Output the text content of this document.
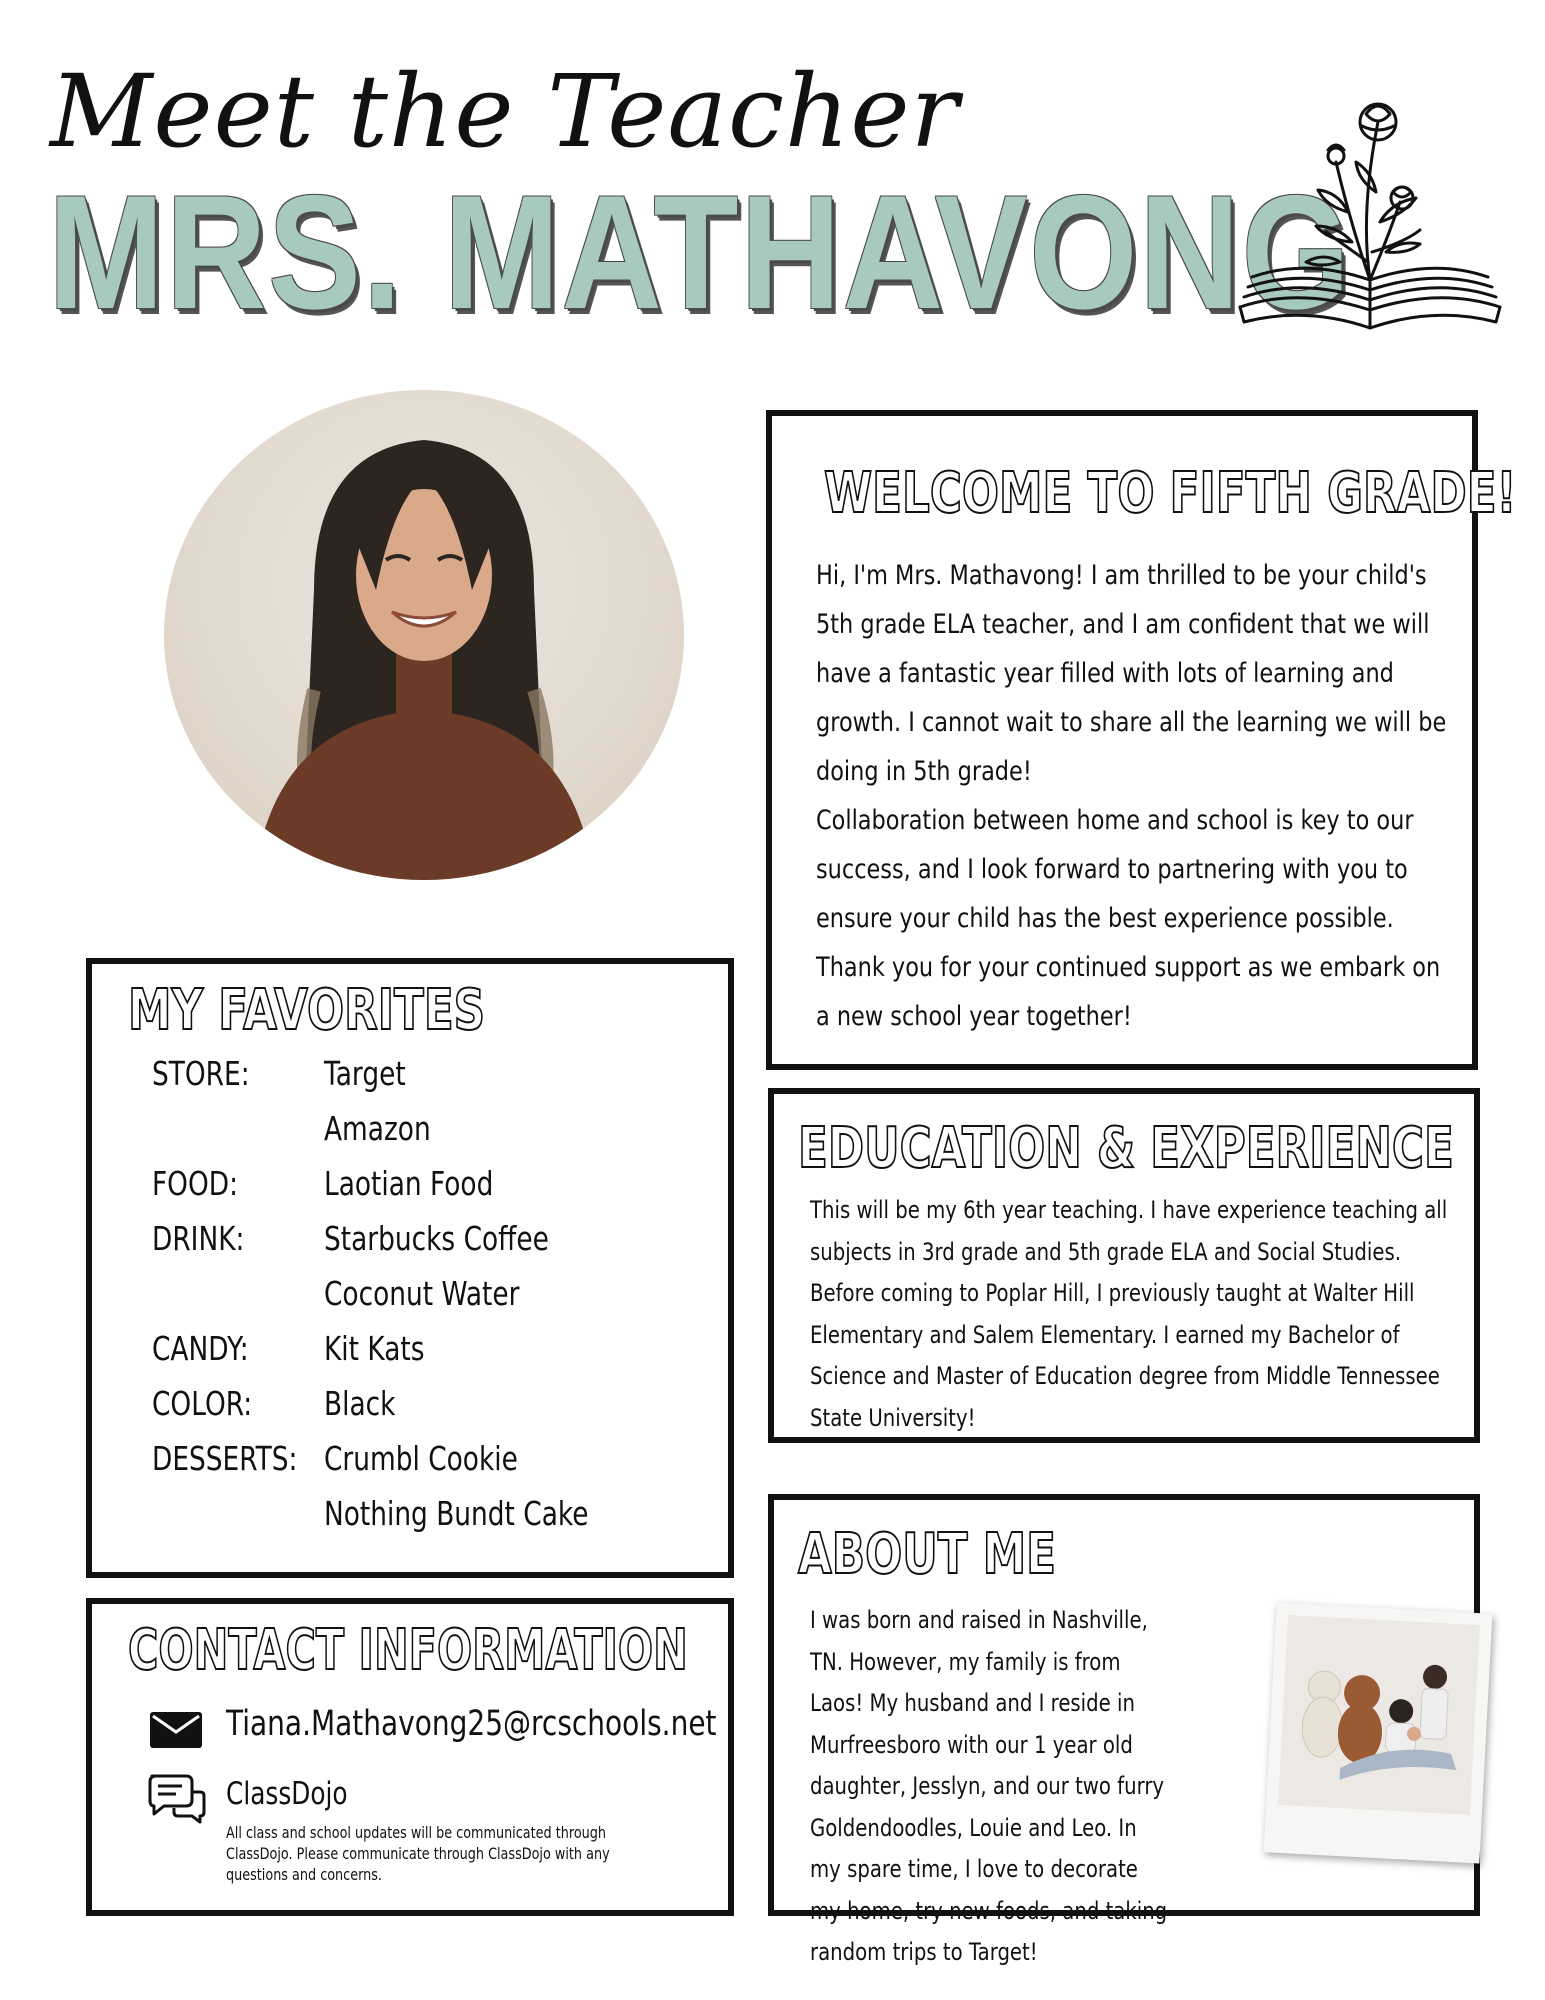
Meet the Teacher
MRS. MATHAVONG
WELCOME TO FIFTH GRADE!

Hi, I'm Mrs. Mathavong! I am thrilled to be your child's 5th grade ELA teacher, and I am confident that we will have a fantastic year filled with lots of learning and growth. I cannot wait to share all the learning we will be doing in 5th grade!

Collaboration between home and school is key to our success, and I look forward to partnering with you to ensure your child has the best experience possible. Thank you for your continued support as we embark on a new school year together!

EDUCATION & EXPERIENCE
This will be my 6th year teaching. I have experience teaching all subjects in 3rd grade and 5th grade ELA and Social Studies. Before coming to Poplar Hill, I previously taught at Walter Hill Elementary and Salem Elementary. I earned my Bachelor of Science and Master of Education degree from Middle Tennessee State University!
ABOUT ME
I was born and raised in Nashville, TN. However, my family is from Laos! My husband and I reside in Murfreesboro with our 1 year old daughter, Jesslyn, and our two furry Goldendoodles, Louie and Leo. In my spare time, I love to decorate my home, try new foods, and taking random trips to Target!
MY FAVORITES
STORE: Target
Amazon
FOOD:	Laotian Food
DRINK: Starbucks Coffee
Coconut Water
CANDY: Kit Kats
COLOR: Black
DESSERTS: Crumbl Cookie
Nothing Bundt Cake
CONTACT INFORMATION
Tiana.Mathavong25@rcschools.net
ClassDojo
All class and school updates will be communicated through ClassDojo. Please communicate through ClassDojo with any questions and concerns.
